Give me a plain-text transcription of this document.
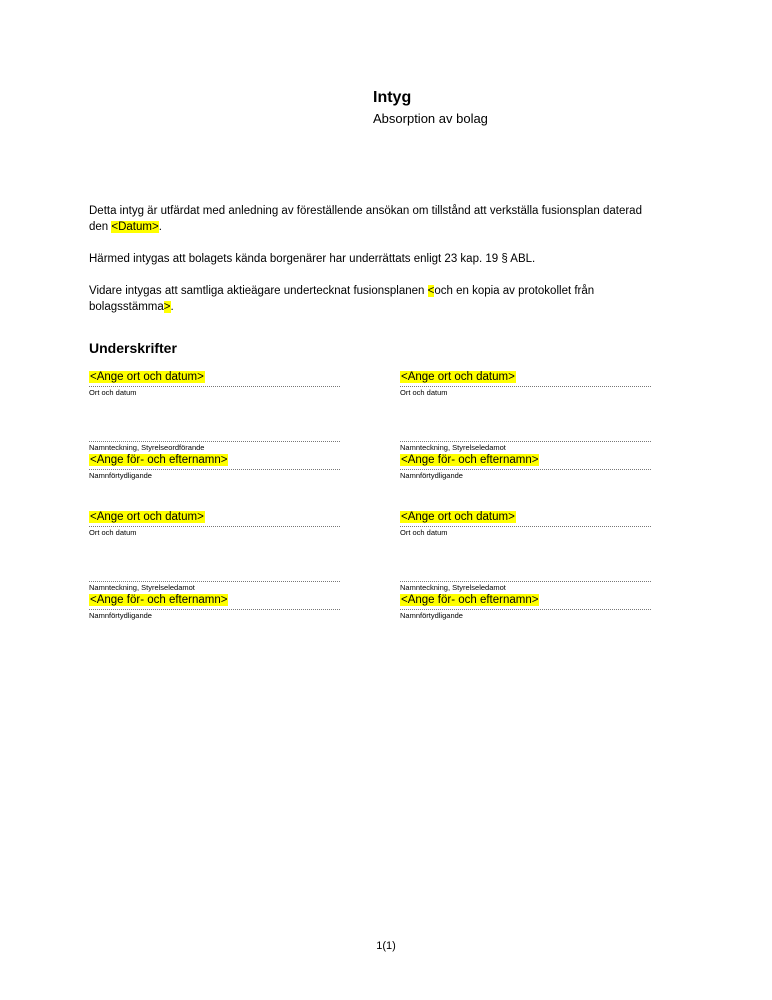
Intyg
Absorption av bolag

Detta intyg är utfärdat med anledning av föreställende ansökan om tillstånd att verkställa fusionsplan daterad den <Datum>.

Härmed intygas att bolagets kända borgenärer har underrättats enligt 23 kap. 19 § ABL.

Vidare intygas att samtliga aktieägare undertecknat fusionsplanen <och en kopia av protokollet från bolagsstämma>.

Underskrifter
<Ange ort och datum>
Ort och datum
Namnteckning, Styrelseordförande
<Ange för- och efternamn>
Namnförtydligande
<Ange ort och datum>
Ort och datum
Namnteckning, Styrelseledamot
<Ange för- och efternamn>
Namnförtydligande
<Ange ort och datum>
Ort och datum
Namnteckning, Styrelseledamot
<Ange för- och efternamn>
Namnförtydligande
<Ange ort och datum>
Ort och datum
Namnteckning, Styrelseledamot
<Ange för- och efternamn>
Namnförtydligande
1(1)
